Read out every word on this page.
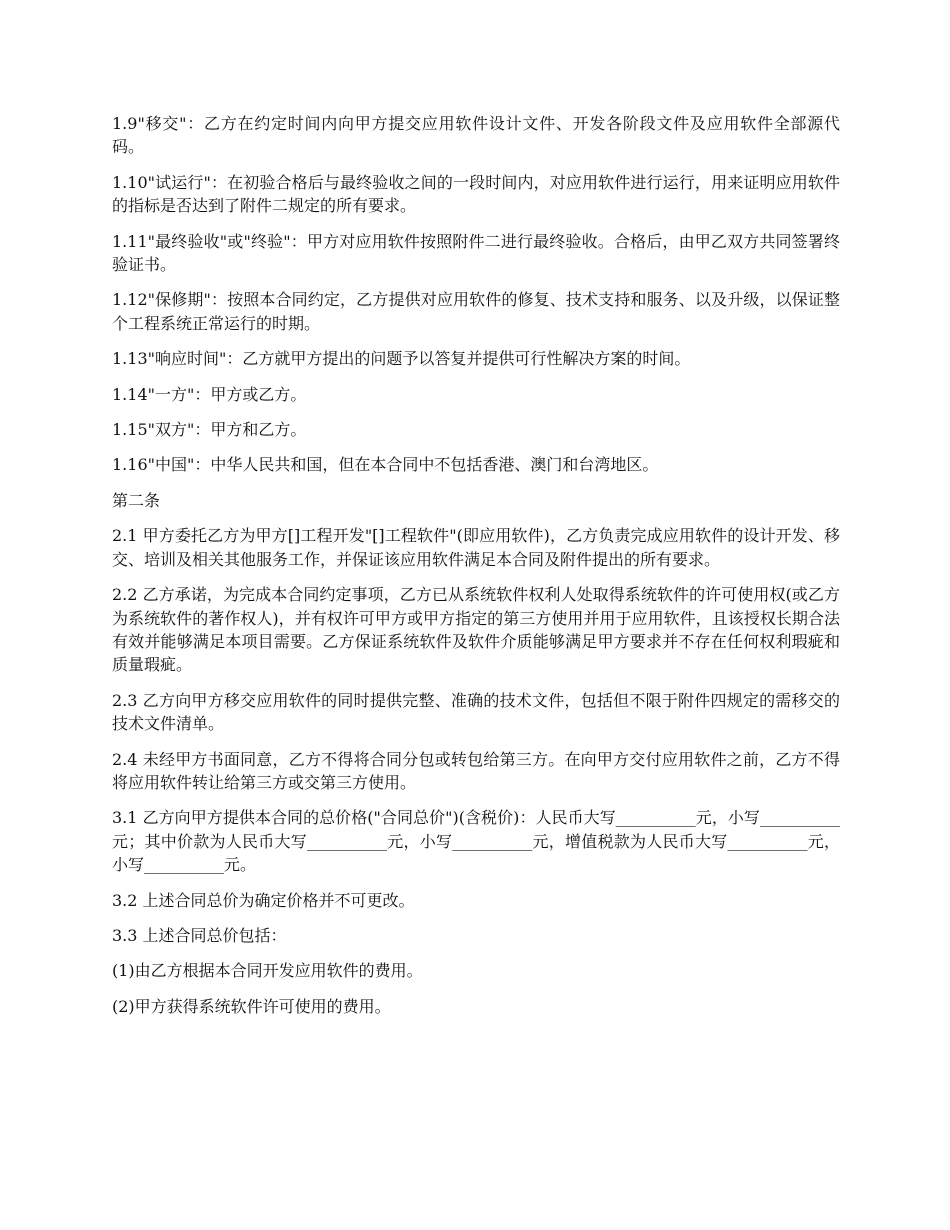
1.9"移交"：乙方在约定时间内向甲方提交应用软件设计文件、开发各阶段文件及应用软件全部源代码。

1.10"试运行"：在初验合格后与最终验收之间的一段时间内，对应用软件进行运行，用来证明应用软件的指标是否达到了附件二规定的所有要求。

1.11"最终验收"或"终验"：甲方对应用软件按照附件二进行最终验收。合格后，由甲乙双方共同签署终验证书。

1.12"保修期"：按照本合同约定，乙方提供对应用软件的修复、技术支持和服务、以及升级，以保证整个工程系统正常运行的时期。

1.13"响应时间"：乙方就甲方提出的问题予以答复并提供可行性解决方案的时间。

1.14"一方"：甲方或乙方。

1.15"双方"：甲方和乙方。

1.16"中国"：中华人民共和国，但在本合同中不包括香港、澳门和台湾地区。

第二条

2.1 甲方委托乙方为甲方[]工程开发"[]工程软件"(即应用软件)，乙方负责完成应用软件的设计开发、移交、培训及相关其他服务工作，并保证该应用软件满足本合同及附件提出的所有要求。

2.2 乙方承诺，为完成本合同约定事项，乙方已从系统软件权利人处取得系统软件的许可使用权(或乙方为系统软件的著作权人)，并有权许可甲方或甲方指定的第三方使用并用于应用软件，且该授权长期合法有效并能够满足本项目需要。乙方保证系统软件及软件介质能够满足甲方要求并不存在任何权利瑕疵和质量瑕疵。

2.3 乙方向甲方移交应用软件的同时提供完整、准确的技术文件，包括但不限于附件四规定的需移交的技术文件清单。

2.4 未经甲方书面同意，乙方不得将合同分包或转包给第三方。在向甲方交付应用软件之前，乙方不得将应用软件转让给第三方或交第三方使用。

3.1 乙方向甲方提供本合同的总价格("合同总价")(含税价)：人民币大写__________元，小写__________元；其中价款为人民币大写__________元，小写__________元，增值税款为人民币大写__________元，小写__________元。

3.2 上述合同总价为确定价格并不可更改。

3.3 上述合同总价包括：

(1)由乙方根据本合同开发应用软件的费用。

(2)甲方获得系统软件许可使用的费用。
